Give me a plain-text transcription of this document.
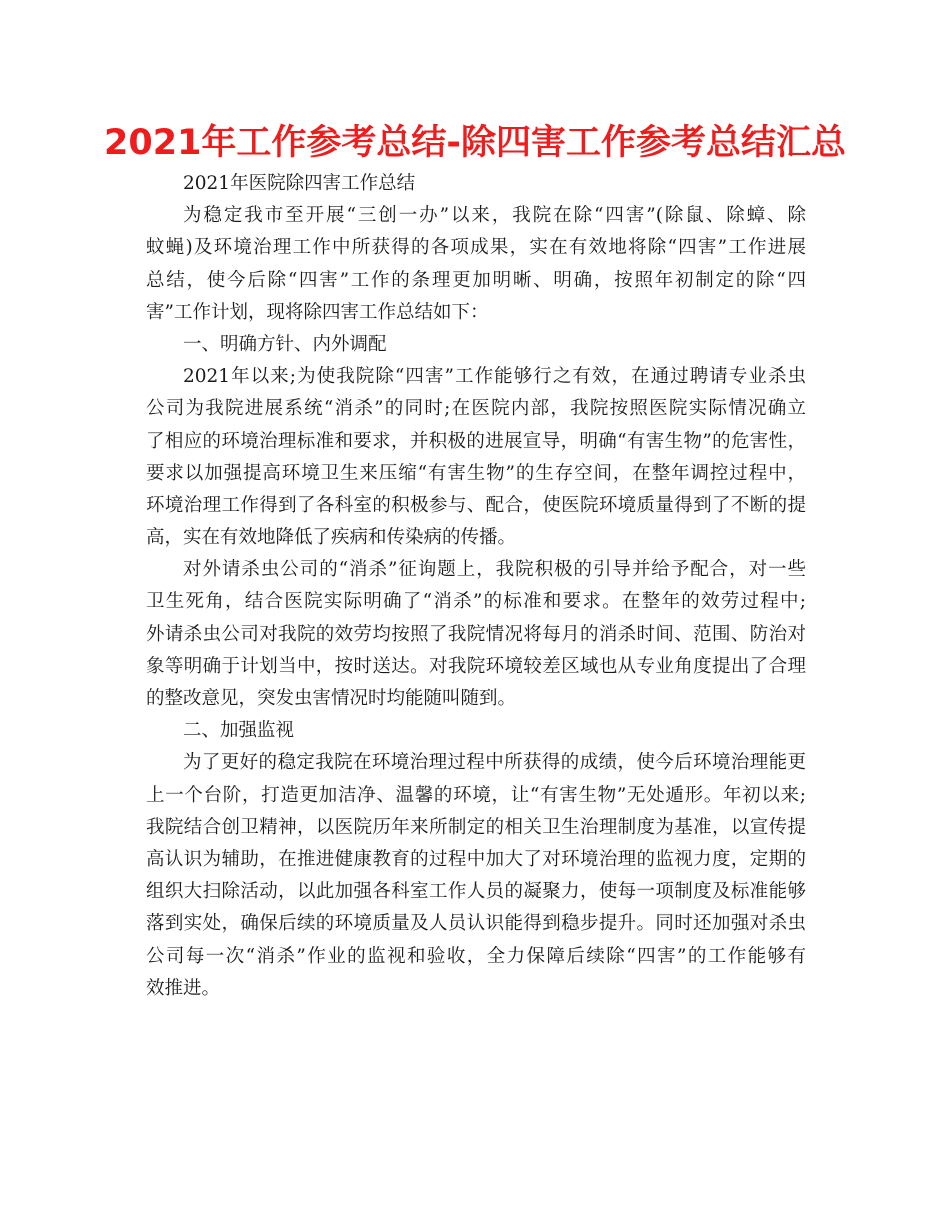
2021年工作参考总结-除四害工作参考总结汇总
2021年医院除四害工作总结
为稳定我市至开展“三创一办”以来，我院在除“四害”(除鼠、除蟑、除
蚊蝇)及环境治理工作中所获得的各项成果，实在有效地将除“四害”工作进展
总结，使今后除“四害”工作的条理更加明晰、明确，按照年初制定的除“四
害”工作计划，现将除四害工作总结如下：
一、明确方针、内外调配
2021年以来;为使我院除“四害”工作能够行之有效，在通过聘请专业杀虫
公司为我院进展系统“消杀”的同时;在医院内部，我院按照医院实际情况确立
了相应的环境治理标准和要求，并积极的进展宣导，明确“有害生物”的危害性，
要求以加强提高环境卫生来压缩“有害生物”的生存空间，在整年调控过程中，
环境治理工作得到了各科室的积极参与、配合，使医院环境质量得到了不断的提
高，实在有效地降低了疾病和传染病的传播。
对外请杀虫公司的“消杀”征询题上，我院积极的引导并给予配合，对一些
卫生死角，结合医院实际明确了“消杀”的标准和要求。在整年的效劳过程中;
外请杀虫公司对我院的效劳均按照了我院情况将每月的消杀时间、范围、防治对
象等明确于计划当中，按时送达。对我院环境较差区域也从专业角度提出了合理
的整改意见，突发虫害情况时均能随叫随到。
二、加强监视
为了更好的稳定我院在环境治理过程中所获得的成绩，使今后环境治理能更
上一个台阶，打造更加洁净、温馨的环境，让“有害生物”无处遁形。年初以来;
我院结合创卫精神，以医院历年来所制定的相关卫生治理制度为基准，以宣传提
高认识为辅助，在推进健康教育的过程中加大了对环境治理的监视力度，定期的
组织大扫除活动，以此加强各科室工作人员的凝聚力，使每一项制度及标准能够
落到实处，确保后续的环境质量及人员认识能得到稳步提升。同时还加强对杀虫
公司每一次“消杀”作业的监视和验收，全力保障后续除“四害”的工作能够有
效推进。
